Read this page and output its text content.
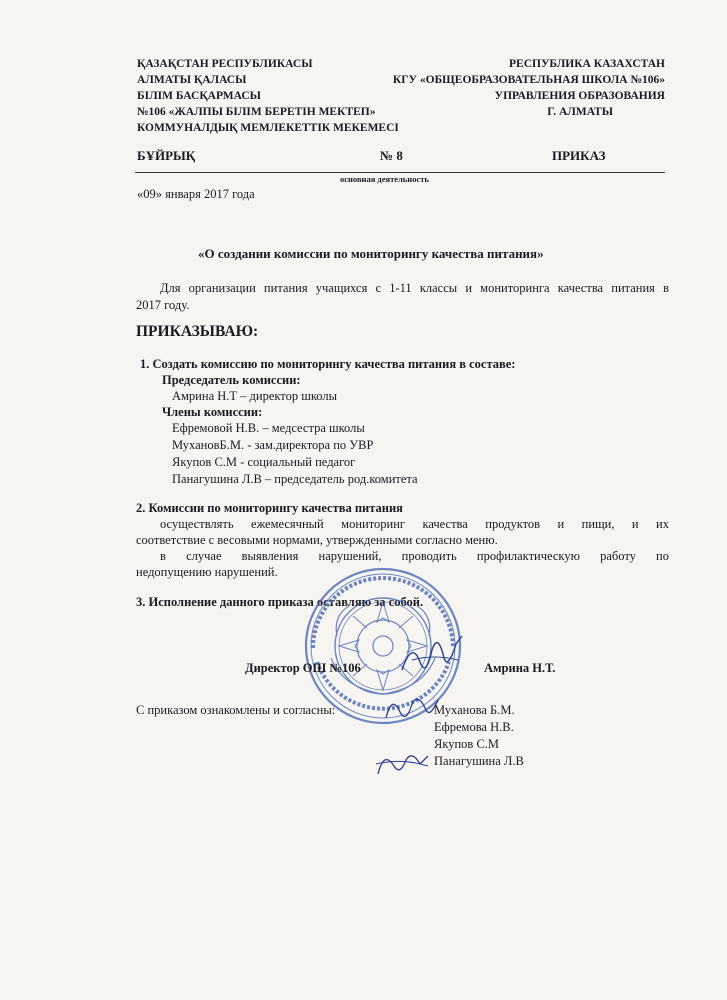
ҚАЗАҚСТАН РЕСПУБЛИКАСЫ
АЛМАТЫ ҚАЛАСЫ
БІЛІМ БАСҚАРМАСЫ
№106 «ЖАЛПЫ БІЛІМ БЕРЕТІН МЕКТЕП»
КОММУНАЛДЫҚ МЕМЛЕКЕТТІК МЕКЕМЕСІ
РЕСПУБЛИКА КАЗАХСТАН
КГУ «ОБЩЕОБРАЗОВАТЕЛЬНАЯ ШКОЛА №106»
УПРАВЛЕНИЯ ОБРАЗОВАНИЯ
Г. АЛМАТЫ
БҰЙРЫҚ	№ 8	ПРИКАЗ
основная деятельность
«09» января 2017 года
«О создании комиссии по мониторингу качества питания»
Для организации питания учащихся с 1-11 классы и мониторинга качества питания в
2017 году.
ПРИКАЗЫВАЮ:
1. Создать комиссию по мониторингу качества питания в составе:
Председатель комиссии:
Амрина Н.Т – директор школы
Члены комиссии:
Ефремовой Н.В. – медсестра школы
МухановБ.М. - зам.директора по УВР
Якупов С.М - социальный педагог
Панагушина Л.В – председатель род.комитета
2. Комиссии по мониторингу качества питания
осуществлять ежемесячный мониторинг качества продуктов и пищи, и их
соответствие с весовыми нормами, утвержденными согласно меню.
в случае выявления нарушений, проводить профилактическую работу по
недопущению нарушений.
3. Исполнение данного приказа оставляю за собой.
Директор ОШ №106	Амрина Н.Т.
С приказом ознакомлены и согласны:	Муханова Б.М.
Ефремова Н.В.
Якупов С.М
Панагушина Л.В
